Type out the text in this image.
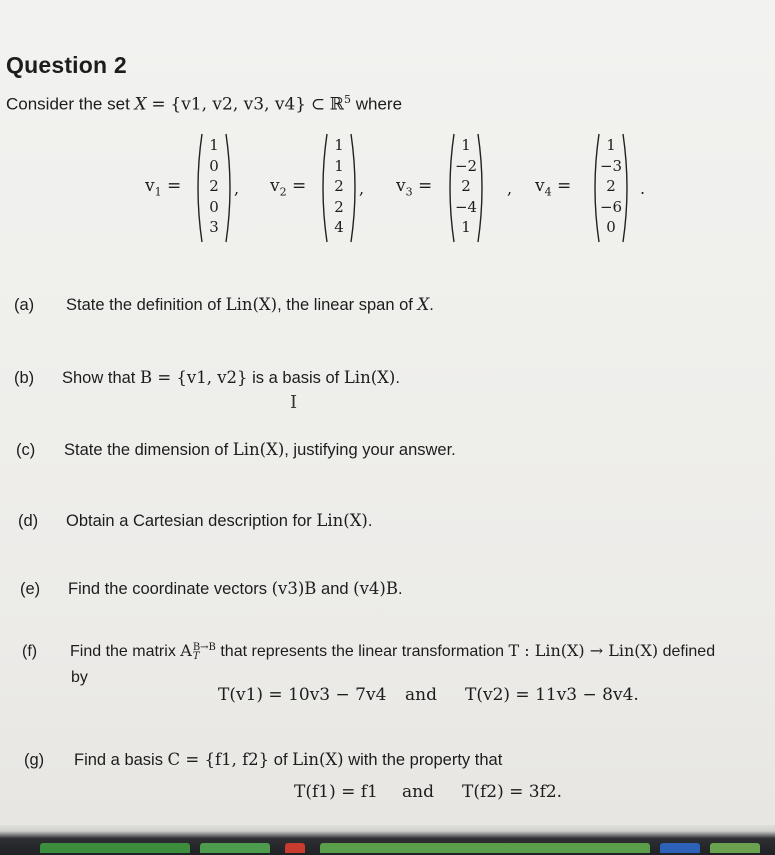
Question 2
Consider the set X = {v1, v2, v3, v4} ⊂ ℝ$^5$ where
$v_1$ =
1
0
2
0
3
, $v_2$ =
1
1
2
2
4
, $v_3$ =
1
−2
2
−4
1
, $v_4$ =
1
−3
2
−6
0
.
(a) State the definition of Lin(X), the linear span of X.
(b) Show that B = {v1, v2} is a basis of Lin(X).
I
(c) State the dimension of Lin(X), justifying your answer.
(d) Obtain a Cartesian description for Lin(X).
(e) Find the coordinate vectors (v3)B and (v4)B.
(f) Find the matrix A B→B
T	that represents the linear transformation T : Lin(X) → Lin(X) defined
by
T(v1) = 10v3 − 7v4 and T(v2) = 11v3 − 8v4.
(g) Find a basis C = {f1, f2} of Lin(X) with the property that
T(f1) = f1 and T(f2) = 3f2.
